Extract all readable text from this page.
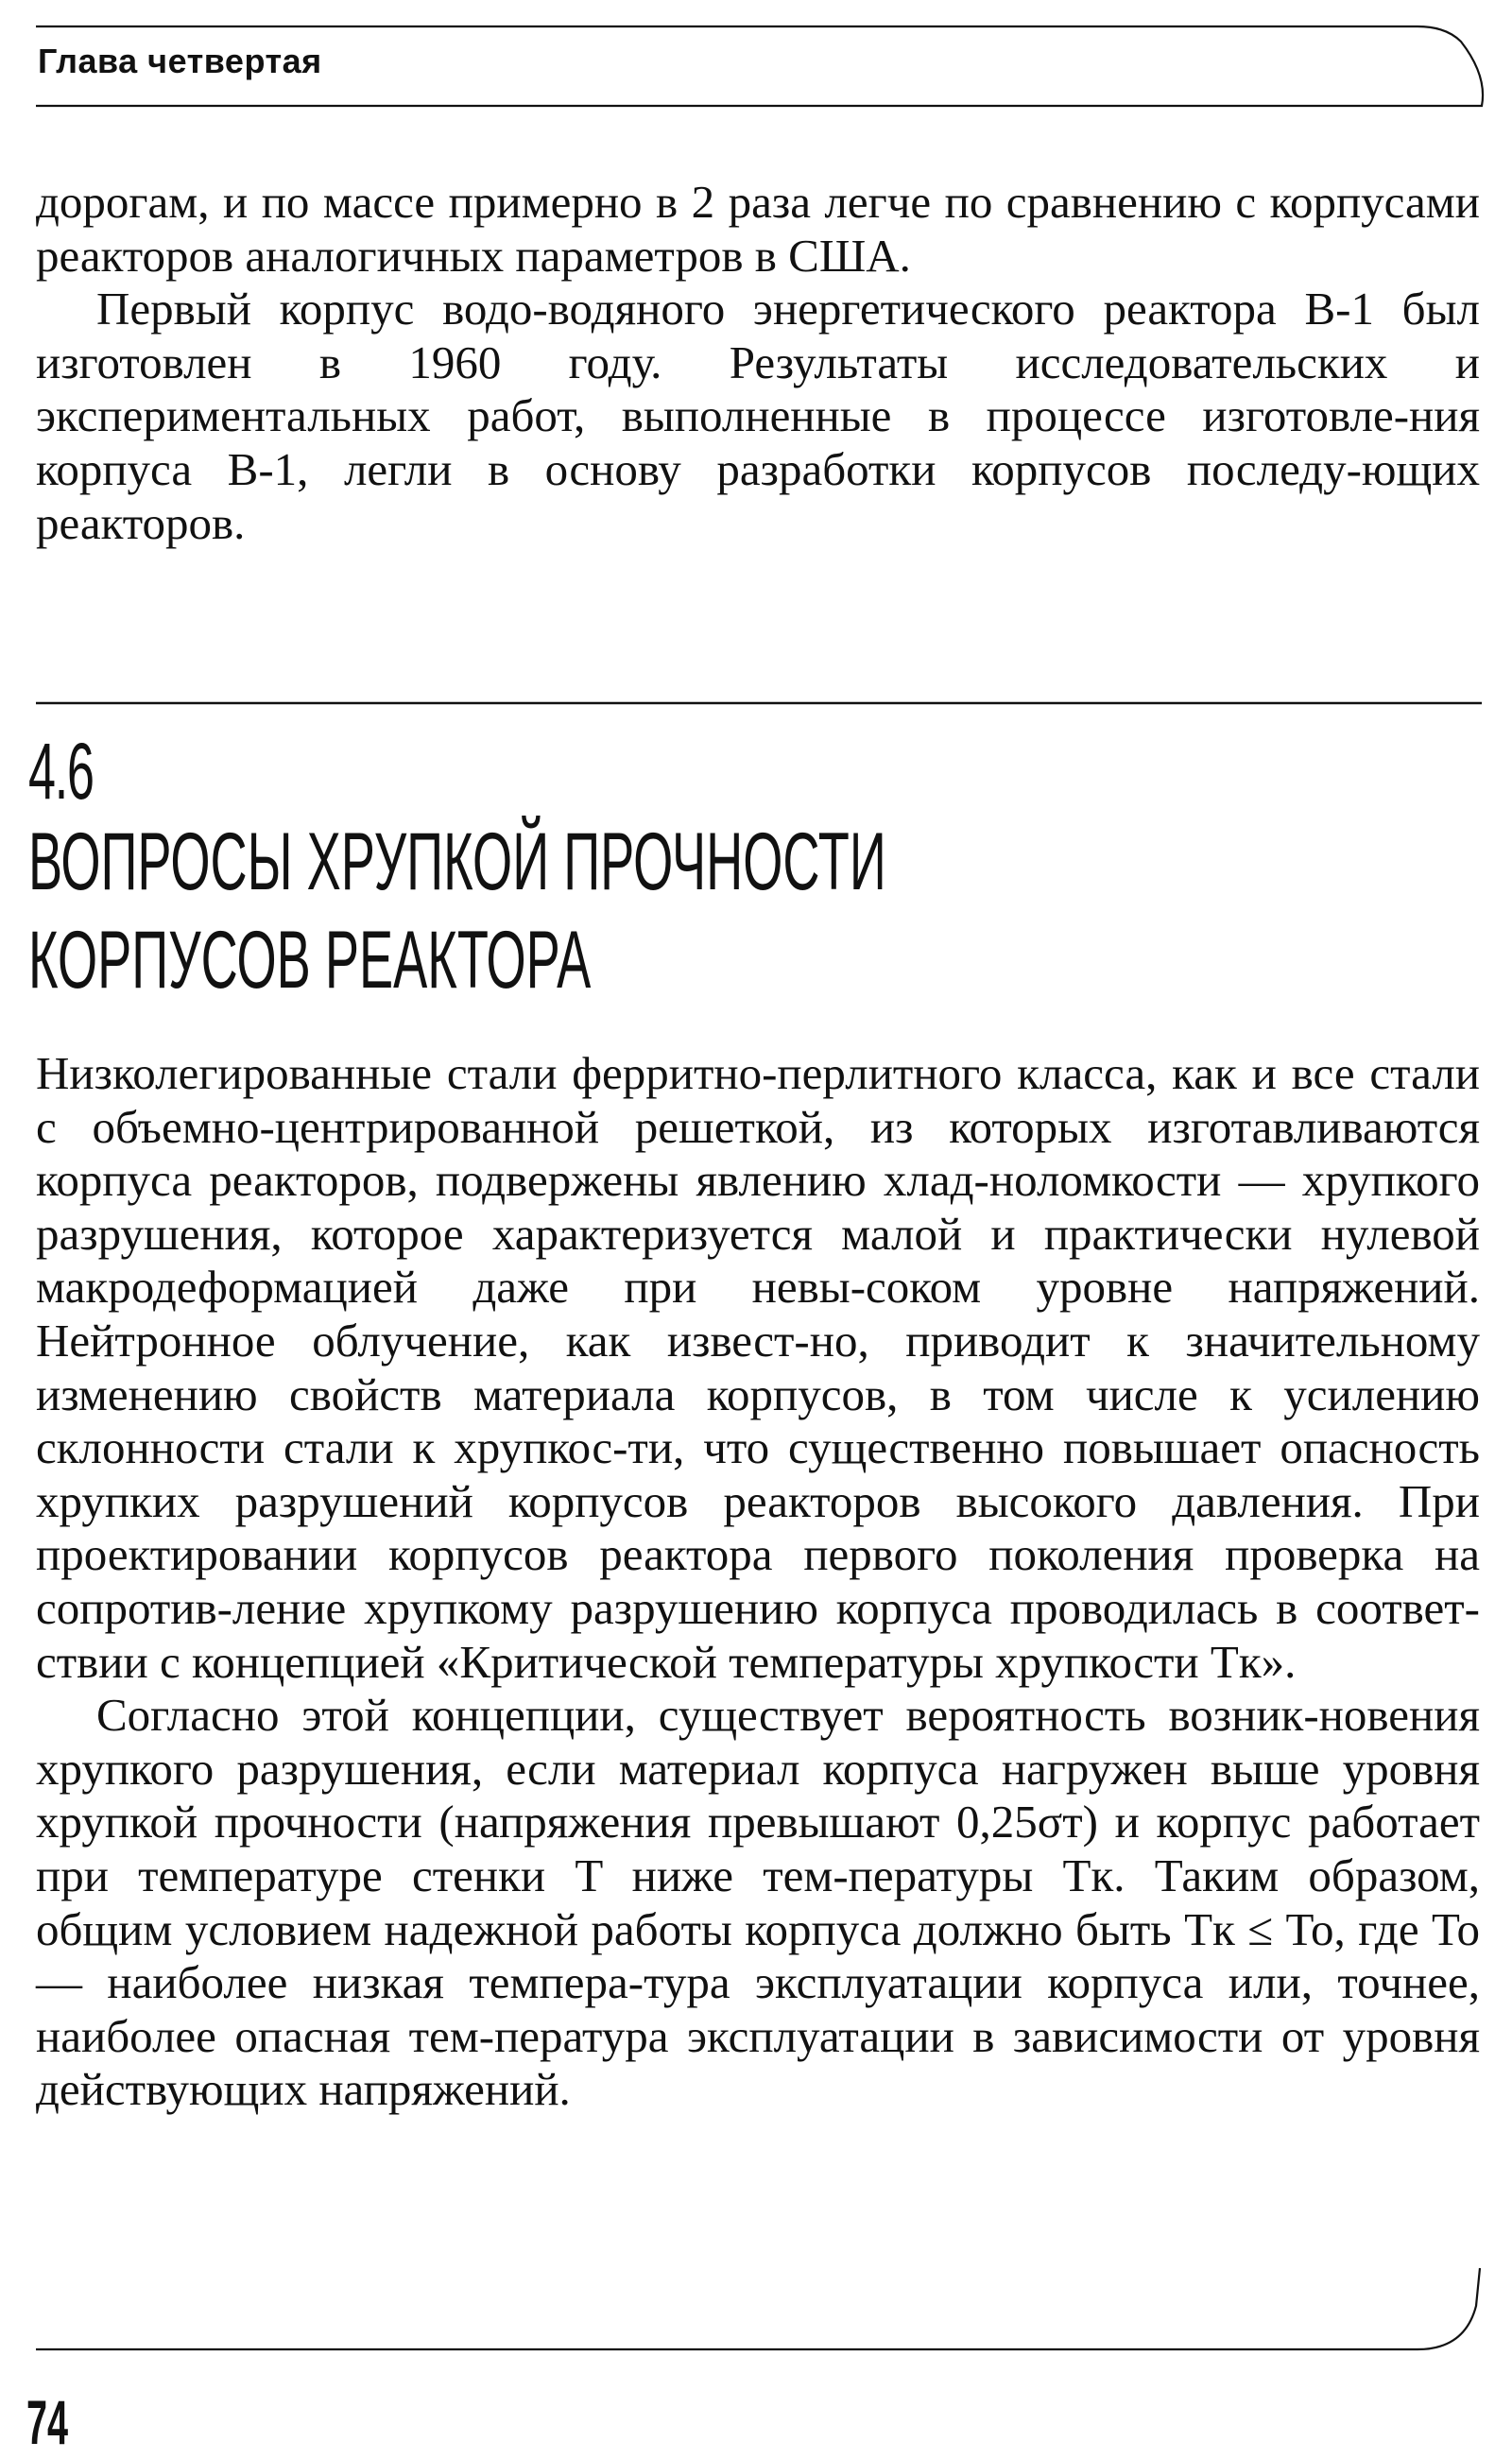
Глава четвертая

дорогам, и по массе примерно в 2 раза легче по сравнению с корпусами реакторов аналогичных параметров в США.

Первый корпус водо-водяного энергетического реактора В-1 был изготовлен в 1960 году. Результаты исследовательских и экспериментальных работ, выполненные в процессе изготовле-ния корпуса В-1, легли в основу разработки корпусов последу-ющих реакторов.

4.6
ВОПРОСЫ ХРУПКОЙ ПРОЧНОСТИ
КОРПУСОВ РЕАКТОРА

Низколегированные стали ферритно-перлитного класса, как и все стали с объемно-центрированной решеткой, из которых изготавливаются корпуса реакторов, подвержены явлению хлад-ноломкости — хрупкого разрушения, которое характеризуется малой и практически нулевой макродеформацией даже при невы-соком уровне напряжений. Нейтронное облучение, как извест-но, приводит к значительному изменению свойств материала корпусов, в том числе к усилению склонности стали к хрупкос-ти, что существенно повышает опасность хрупких разрушений корпусов реакторов высокого давления. При проектировании корпусов реактора первого поколения проверка на сопротив-ление хрупкому разрушению корпуса проводилась в соответ-ствии с концепцией «Критической температуры хрупкости Tк».

Согласно этой концепции, существует вероятность возник-новения хрупкого разрушения, если материал корпуса нагружен выше уровня хрупкой прочности (напряжения превышают 0,25σт) и корпус работает при температуре стенки T ниже тем-пературы Tк. Таким образом, общим условием надежной работы корпуса должно быть Tк ≤ To, где To — наиболее низкая темпера-тура эксплуатации корпуса или, точнее, наиболее опасная тем-пература эксплуатации в зависимости от уровня действующих напряжений.

74
